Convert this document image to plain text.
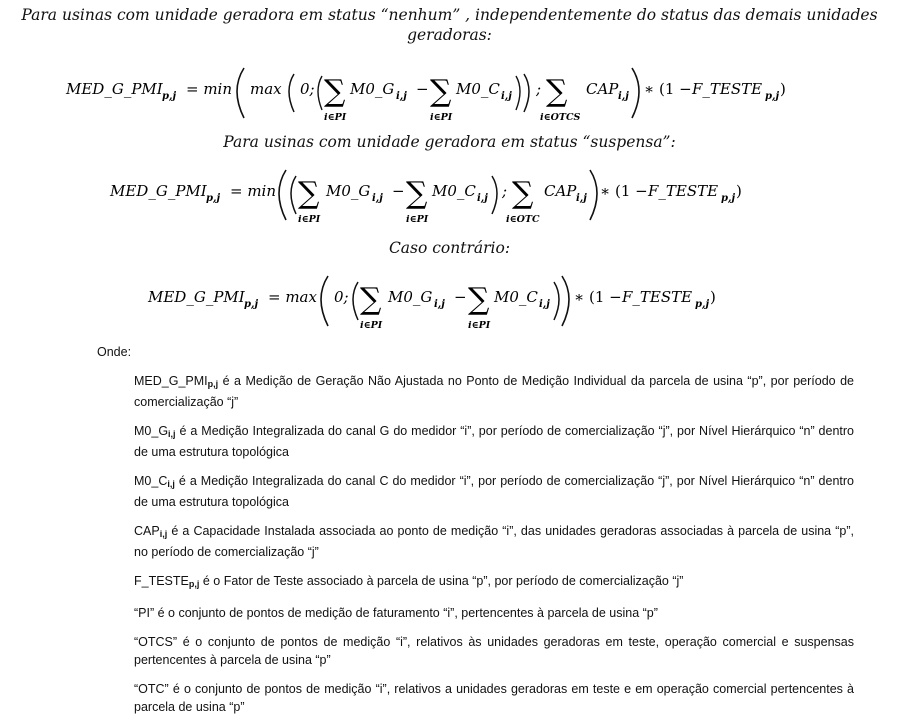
Para usinas com unidade geradora em status “nenhum” , independentemente do status das demais unidades geradoras:
MED_G_PMI p,j = min max 0; ∑
i∈PI
M0_G i,j − ∑
i∈PI
M0_C i,j ; ∑
i∈OTCS
CAP i,j ∗ (1 − F_TESTE p,j )
Para usinas com unidade geradora em status “suspensa”:
MED_G_PMI p,j = min ∑
i∈PI
M0_G i,j − ∑
i∈PI
M0_C i,j ; ∑
i∈OTC
CAP i,j ∗ (1 − F_TESTE p,j )
Caso contrário:
MED_G_PMI p,j = max 0; ∑
i∈PI
M0_G i,j − ∑
i∈PI
M0_C i,j ∗ (1 − F_TESTE p,j )
Onde:

$MED\_G\_PMI_{p,j}$ é a Medição de Geração Não Ajustada no Ponto de Medição Individual da parcela de usina “p”, por período de comercialização “j”

$M0\_G_{i,j}$ é a Medição Integralizada do canal G do medidor “i”, por período de comercialização “j”, por Nível Hierárquico “n” dentro de uma estrutura topológica

$M0\_C_{i,j}$ é a Medição Integralizada do canal C do medidor “i”, por período de comercialização “j”, por Nível Hierárquico “n” dentro de uma estrutura topológica

$CAP_{i,j}$ é a Capacidade Instalada associada ao ponto de medição “i”, das unidades geradoras associadas à parcela de usina “p”, no período de comercialização “j”

$F\_TESTE_{p,j}$ é o Fator de Teste associado à parcela de usina “p”, por período de comercialização “j”

“PI” é o conjunto de pontos de medição de faturamento “i”, pertencentes à parcela de usina “p”

“OTCS” é o conjunto de pontos de medição “i”, relativos às unidades geradoras em teste, operação comercial e suspensas pertencentes à parcela de usina “p”

“OTC” é o conjunto de pontos de medição “i”, relativos a unidades geradoras em teste e em operação comercial pertencentes à parcela de usina “p”
